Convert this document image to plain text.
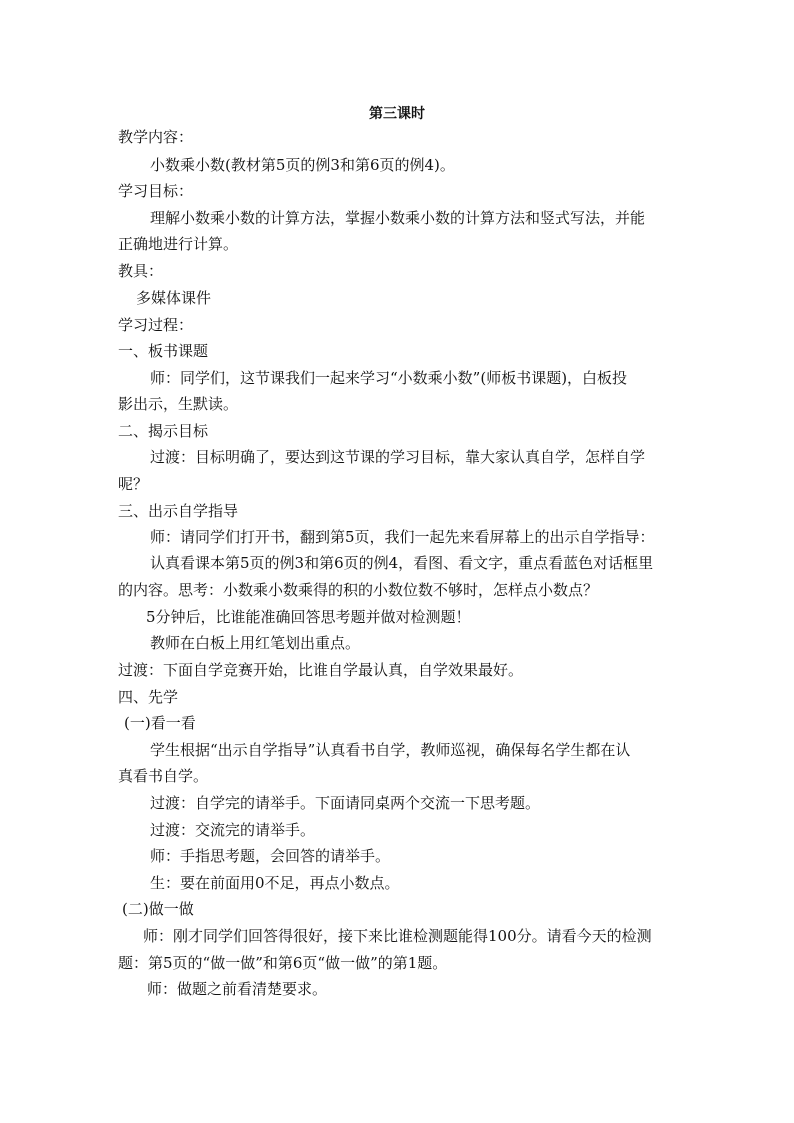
第三课时
教学内容：
小数乘小数(教材第5页的例3和第6页的例4)。
学习目标：
理解小数乘小数的计算方法，掌握小数乘小数的计算方法和竖式写法，并能
正确地进行计算。
教具：
多媒体课件
学习过程：
一、板书课题
师：同学们，这节课我们一起来学习“小数乘小数”(师板书课题)，白板投
影出示，生默读。
二、揭示目标
过渡：目标明确了，要达到这节课的学习目标，靠大家认真自学，怎样自学
呢？
三、出示自学指导
师：请同学们打开书，翻到第5页，我们一起先来看屏幕上的出示自学指导：
认真看课本第5页的例3和第6页的例4，看图、看文字，重点看蓝色对话框里
的内容。思考：小数乘小数乘得的积的小数位数不够时，怎样点小数点？
5分钟后，比谁能准确回答思考题并做对检测题！
教师在白板上用红笔划出重点。
过渡：下面自学竞赛开始，比谁自学最认真，自学效果最好。
四、先学
(一)看一看
学生根据“出示自学指导”认真看书自学，教师巡视，确保每名学生都在认
真看书自学。
过渡：自学完的请举手。下面请同桌两个交流一下思考题。
过渡：交流完的请举手。
师：手指思考题，会回答的请举手。
生：要在前面用0不足，再点小数点。
(二)做一做
师：刚才同学们回答得很好，接下来比谁检测题能得100分。请看今天的检测
题：第5页的“做一做”和第6页“做一做”的第1题。
师：做题之前看清楚要求。
